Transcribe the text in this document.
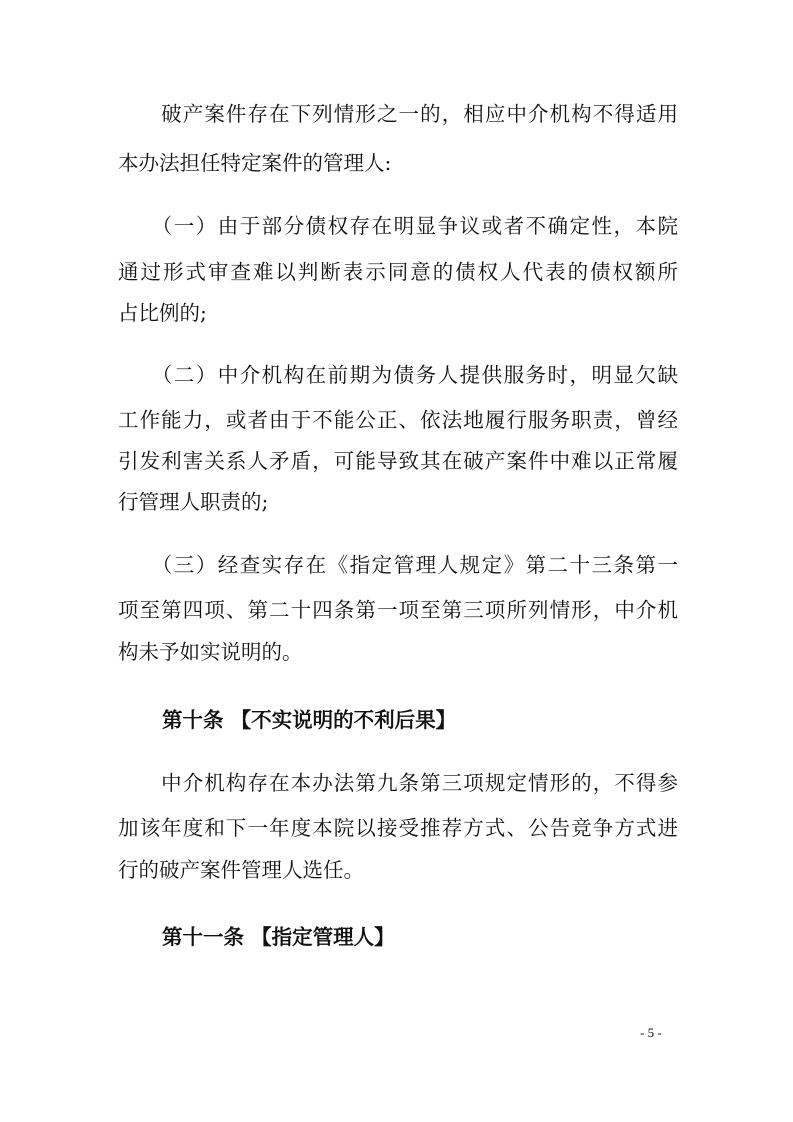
　　破产案件存在下列情形之一的，相应中介机构不得适用
本办法担任特定案件的管理人:
　　（一）由于部分债权存在明显争议或者不确定性，本院
通过形式审查难以判断表示同意的债权人代表的债权额所
占比例的;
　　（二）中介机构在前期为债务人提供服务时，明显欠缺
工作能力，或者由于不能公正、依法地履行服务职责，曾经
引发利害关系人矛盾，可能导致其在破产案件中难以正常履
行管理人职责的;
　　（三）经查实存在《指定管理人规定》第二十三条第一
项至第四项、第二十四条第一项至第三项所列情形，中介机
构未予如实说明的。
第十条 【不实说明的不利后果】
　　中介机构存在本办法第九条第三项规定情形的，不得参
加该年度和下一年度本院以接受推荐方式、公告竞争方式进
行的破产案件管理人选任。
第十一条 【指定管理人】
- 5 -
